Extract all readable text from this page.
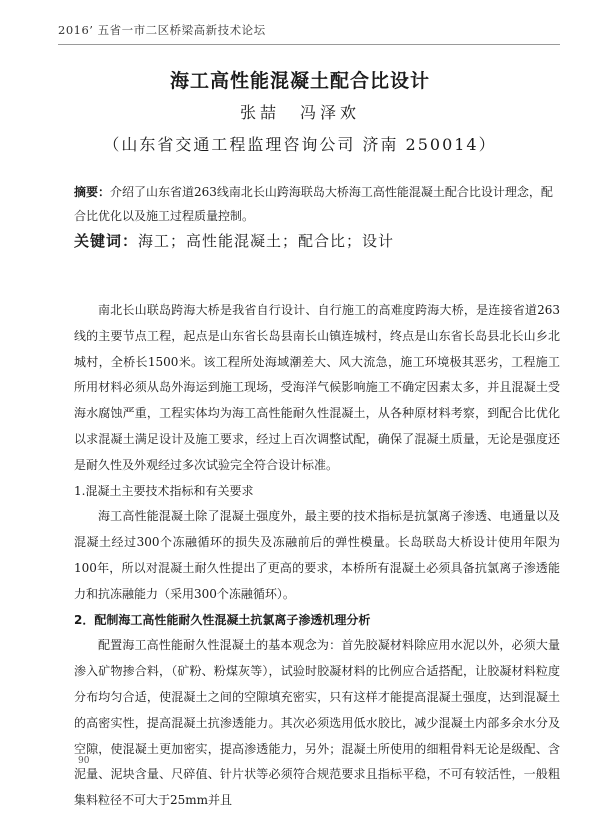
2016’ 五省一市二区桥梁高新技术论坛
海工高性能混凝土配合比设计
张喆　冯泽欢
（山东省交通工程监理咨询公司 济南 250014）
摘要：介绍了山东省道263线南北长山跨海联岛大桥海工高性能混凝土配合比设计理念，配合比优化以及施工过程质量控制。
关键词：海工；高性能混凝土；配合比；设计

南北长山联岛跨海大桥是我省自行设计、自行施工的高难度跨海大桥，是连接省道263线的主要节点工程，起点是山东省长岛县南长山镇连城村，终点是山东省长岛县北长山乡北城村，全桥长1500米。该工程所处海域潮差大、风大流急，施工环境极其恶劣，工程施工所用材料必须从岛外海运到施工现场，受海洋气候影响施工不确定因素太多，并且混凝土受海水腐蚀严重，工程实体均为海工高性能耐久性混凝土，从各种原材料考察，到配合比优化以求混凝土满足设计及施工要求，经过上百次调整试配，确保了混凝土质量，无论是强度还是耐久性及外观经过多次试验完全符合设计标准。

1.混凝土主要技术指标和有关要求

海工高性能混凝土除了混凝土强度外，最主要的技术指标是抗氯离子渗透、电通量以及混凝土经过300个冻融循环的损失及冻融前后的弹性模量。长岛联岛大桥设计使用年限为100年，所以对混凝土耐久性提出了更高的要求，本桥所有混凝土必须具备抗氯离子渗透能力和抗冻融能力（采用300个冻融循环）。

2．配制海工高性能耐久性混凝土抗氯离子渗透机理分析

配置海工高性能耐久性混凝土的基本观念为：首先胶凝材料除应用水泥以外，必须大量渗入矿物掺合料，（矿粉、粉煤灰等），试验时胶凝材料的比例应合适搭配，让胶凝材料粒度分布均匀合适，使混凝土之间的空隙填充密实，只有这样才能提高混凝土强度，达到混凝土的高密实性，提高混凝土抗渗透能力。其次必须选用低水胶比，减少混凝土内部多余水分及空隙，使混凝土更加密实，提高渗透能力，另外；混凝土所使用的细粗骨料无论是级配、含泥量、泥块含量、尺碎值、针片状等必须符合规范要求且指标平稳，不可有较活性，一般粗集料粒径不可大于25mm并且

90
